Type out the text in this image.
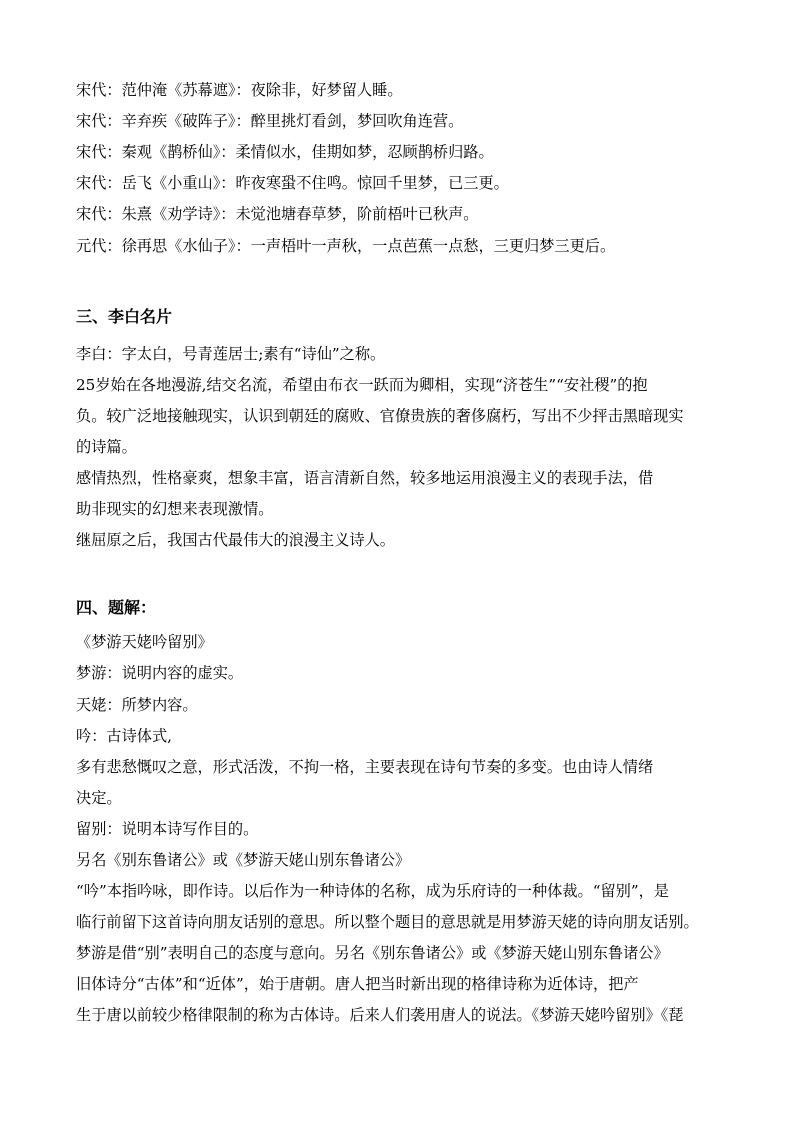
宋代：范仲淹《苏幕遮》：夜除非，好梦留人睡。
宋代：辛弃疾《破阵子》：醉里挑灯看剑，梦回吹角连营。
宋代：秦观《鹊桥仙》：柔情似水，佳期如梦，忍顾鹊桥归路。
宋代：岳飞《小重山》：昨夜寒蛩不住鸣。惊回千里梦，已三更。
宋代：朱熹《劝学诗》：未觉池塘春草梦，阶前梧叶已秋声。
元代：徐再思《水仙子》：一声梧叶一声秋，一点芭蕉一点愁，三更归梦三更后。
三、李白名片
李白：字太白，号青莲居士;素有“诗仙”之称。
25岁始在各地漫游,结交名流，希望由布衣一跃而为卿相，实现“济苍生”“安社稷”的抱
负。较广泛地接触现实，认识到朝廷的腐败、官僚贵族的奢侈腐朽，写出不少抨击黑暗现实
的诗篇。
感情热烈，性格豪爽，想象丰富，语言清新自然，较多地运用浪漫主义的表现手法，借
助非现实的幻想来表现激情。
继屈原之后，我国古代最伟大的浪漫主义诗人。
四、题解：
《梦游天姥吟留别》
梦游：说明内容的虚实。
天姥：所梦内容。
吟：古诗体式,
多有悲愁慨叹之意，形式活泼，不拘一格，主要表现在诗句节奏的多变。也由诗人情绪
决定。
留别：说明本诗写作目的。
另名《别东鲁诸公》或《梦游天姥山别东鲁诸公》
“吟”本指吟咏，即作诗。以后作为一种诗体的名称，成为乐府诗的一种体裁。“留别”，是
临行前留下这首诗向朋友话别的意思。所以整个题目的意思就是用梦游天姥的诗向朋友话别。
梦游是借“别”表明自己的态度与意向。另名《别东鲁诸公》或《梦游天姥山别东鲁诸公》
旧体诗分“古体”和“近体”，始于唐朝。唐人把当时新出现的格律诗称为近体诗，把产
生于唐以前较少格律限制的称为古体诗。后来人们袭用唐人的说法。《梦游天姥吟留别》《琵
